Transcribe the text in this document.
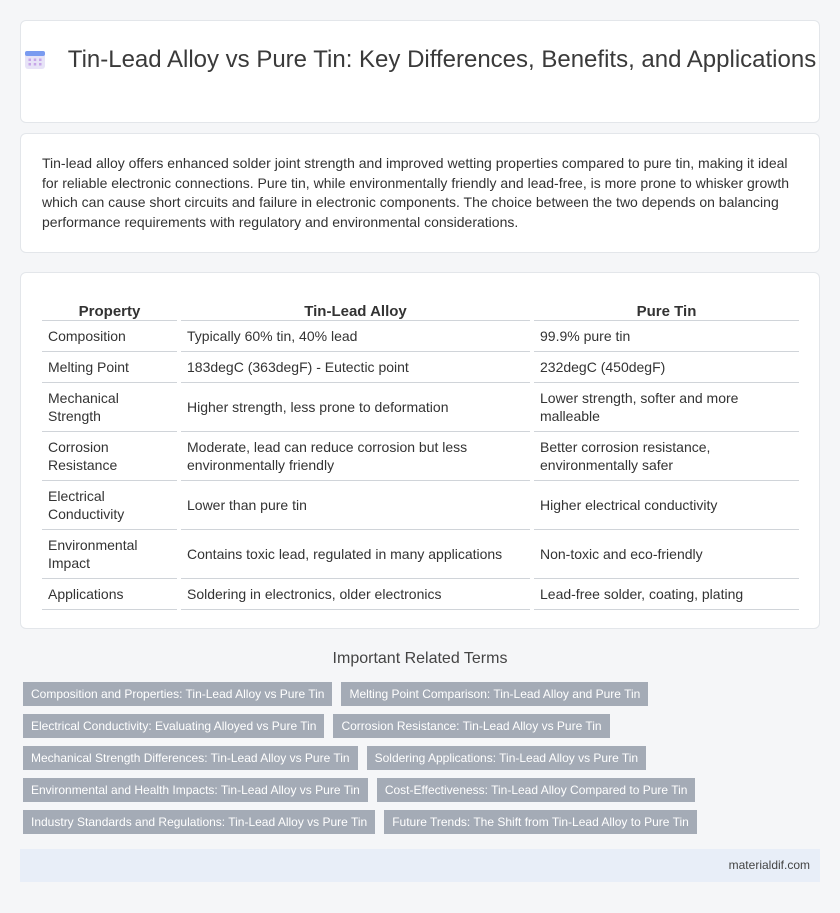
Tin-Lead Alloy vs Pure Tin: Key Differences, Benefits, and Applications

Tin-lead alloy offers enhanced solder joint strength and improved wetting properties compared to pure tin, making it ideal for reliable electronic connections. Pure tin, while environmentally friendly and lead-free, is more prone to whisker growth which can cause short circuits and failure in electronic components. The choice between the two depends on balancing performance requirements with regulatory and environmental considerations.

Property		Tin-Lead Alloy		Pure Tin
Composition		Typically 60% tin, 40% lead		99.9% pure tin
Melting Point		183degC (363degF) - Eutectic point		232degC (450degF)
Mechanical Strength		Higher strength, less prone to deformation		Lower strength, softer and more malleable
Corrosion Resistance		Moderate, lead can reduce corrosion but less environmentally friendly		Better corrosion resistance, environmentally safer
Electrical Conductivity		Lower than pure tin		Higher electrical conductivity
Environmental Impact		Contains toxic lead, regulated in many applications		Non-toxic and eco-friendly
Applications		Soldering in electronics, older electronics		Lead-free solder, coating, plating
Important Related Terms
Composition and Properties: Tin-Lead Alloy vs Pure Tin	Melting Point Comparison: Tin-Lead Alloy and Pure Tin
Electrical Conductivity: Evaluating Alloyed vs Pure Tin	Corrosion Resistance: Tin-Lead Alloy vs Pure Tin
Mechanical Strength Differences: Tin-Lead Alloy vs Pure Tin	Soldering Applications: Tin-Lead Alloy vs Pure Tin
Environmental and Health Impacts: Tin-Lead Alloy vs Pure Tin	Cost-Effectiveness: Tin-Lead Alloy Compared to Pure Tin
Industry Standards and Regulations: Tin-Lead Alloy vs Pure Tin	Future Trends: The Shift from Tin-Lead Alloy to Pure Tin
materialdif.com
